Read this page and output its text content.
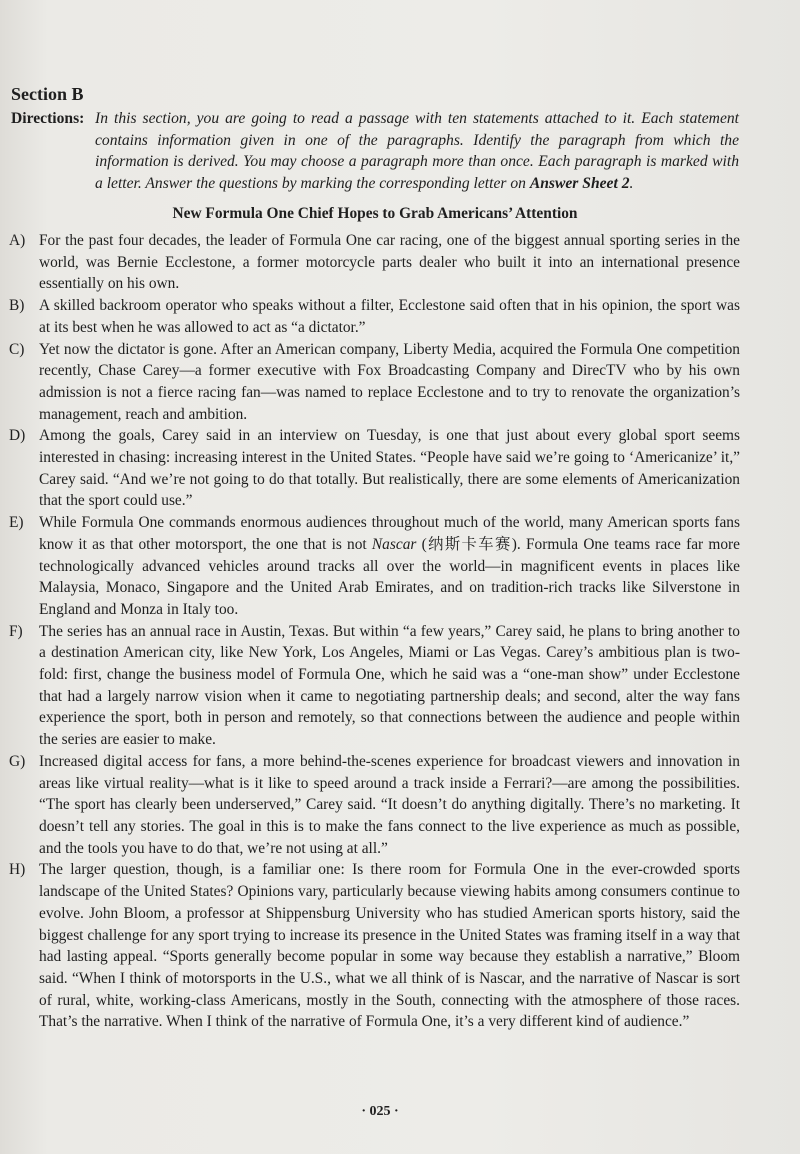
Section B
Directions: In this section, you are going to read a passage with ten statements attached to it. Each statement contains information given in one of the paragraphs. Identify the paragraph from which the information is derived. You may choose a paragraph more than once. Each paragraph is marked with a letter. Answer the questions by marking the corresponding letter on Answer Sheet 2.
New Formula One Chief Hopes to Grab Americans’ Attention
A) For the past four decades, the leader of Formula One car racing, one of the biggest annual sporting series in the world, was Bernie Ecclestone, a former motorcycle parts dealer who built it into an international presence essentially on his own.
B) A skilled backroom operator who speaks without a filter, Ecclestone said often that in his opinion, the sport was at its best when he was allowed to act as “a dictator.”
C) Yet now the dictator is gone. After an American company, Liberty Media, acquired the Formula One competition recently, Chase Carey—a former executive with Fox Broadcasting Company and DirecTV who by his own admission is not a fierce racing fan—was named to replace Ecclestone and to try to renovate the organization’s management, reach and ambition.
D) Among the goals, Carey said in an interview on Tuesday, is one that just about every global sport seems interested in chasing: increasing interest in the United States. “People have said we’re going to ‘Americanize’ it,” Carey said. “And we’re not going to do that totally. But realistically, there are some elements of Americanization that the sport could use.”
E) While Formula One commands enormous audiences throughout much of the world, many American sports fans know it as that other motorsport, the one that is not Nascar (纳斯卡车赛). Formula One teams race far more technologically advanced vehicles around tracks all over the world—in magnificent events in places like Malaysia, Monaco, Singapore and the United Arab Emirates, and on tradition-rich tracks like Silverstone in England and Monza in Italy too.
F) The series has an annual race in Austin, Texas. But within “a few years,” Carey said, he plans to bring another to a destination American city, like New York, Los Angeles, Miami or Las Vegas. Carey’s ambitious plan is two-fold: first, change the business model of Formula One, which he said was a “one-man show” under Ecclestone that had a largely narrow vision when it came to negotiating partnership deals; and second, alter the way fans experience the sport, both in person and remotely, so that connections between the audience and people within the series are easier to make.
G) Increased digital access for fans, a more behind-the-scenes experience for broadcast viewers and innovation in areas like virtual reality—what is it like to speed around a track inside a Ferrari?—are among the possibilities. “The sport has clearly been underserved,” Carey said. “It doesn’t do anything digitally. There’s no marketing. It doesn’t tell any stories. The goal in this is to make the fans connect to the live experience as much as possible, and the tools you have to do that, we’re not using at all.”
H) The larger question, though, is a familiar one: Is there room for Formula One in the ever-crowded sports landscape of the United States? Opinions vary, particularly because viewing habits among consumers continue to evolve. John Bloom, a professor at Shippensburg University who has studied American sports history, said the biggest challenge for any sport trying to increase its presence in the United States was framing itself in a way that had lasting appeal. “Sports generally become popular in some way because they establish a narrative,” Bloom said. “When I think of motorsports in the U.S., what we all think of is Nascar, and the narrative of Nascar is sort of rural, white, working-class Americans, mostly in the South, connecting with the atmosphere of those races. That’s the narrative. When I think of the narrative of Formula One, it’s a very different kind of audience.”
· 025 ·
